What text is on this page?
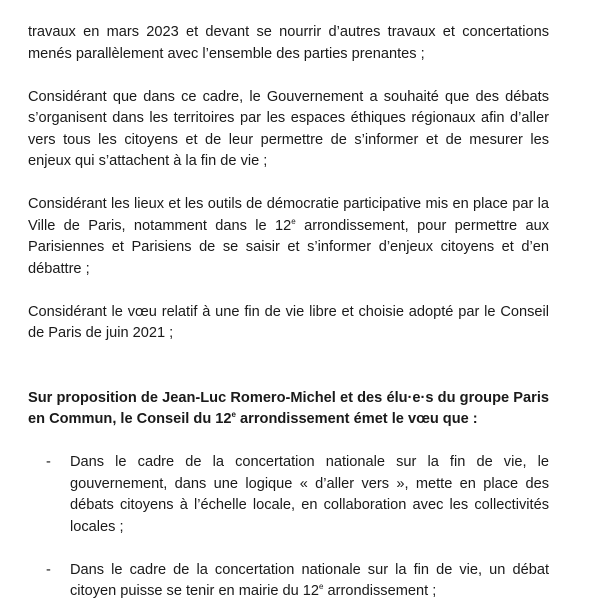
travaux en mars 2023 et devant se nourrir d’autres travaux et concertations menés parallèlement avec l’ensemble des parties prenantes ;

Considérant que dans ce cadre, le Gouvernement a souhaité que des débats s’organisent dans les territoires par les espaces éthiques régionaux afin d’aller vers tous les citoyens et de leur permettre de s’informer et de mesurer les enjeux qui s’attachent à la fin de vie ;

Considérant les lieux et les outils de démocratie participative mis en place par la Ville de Paris, notamment dans le 12e arrondissement, pour permettre aux Parisiennes et Parisiens de se saisir et s’informer d’enjeux citoyens et d’en débattre ;

Considérant le vœu relatif à une fin de vie libre et choisie adopté par le Conseil de Paris de juin 2021 ;

Sur proposition de Jean-Luc Romero-Michel et des élu·e·s du groupe Paris en Commun, le Conseil du 12e arrondissement émet le vœu que :

- Dans le cadre de la concertation nationale sur la fin de vie, le gouvernement, dans une logique « d’aller vers », mette en place des débats citoyens à l’échelle locale, en collaboration avec les collectivités locales ;
- Dans le cadre de la concertation nationale sur la fin de vie, un débat citoyen puisse se tenir en mairie du 12e arrondissement ;
